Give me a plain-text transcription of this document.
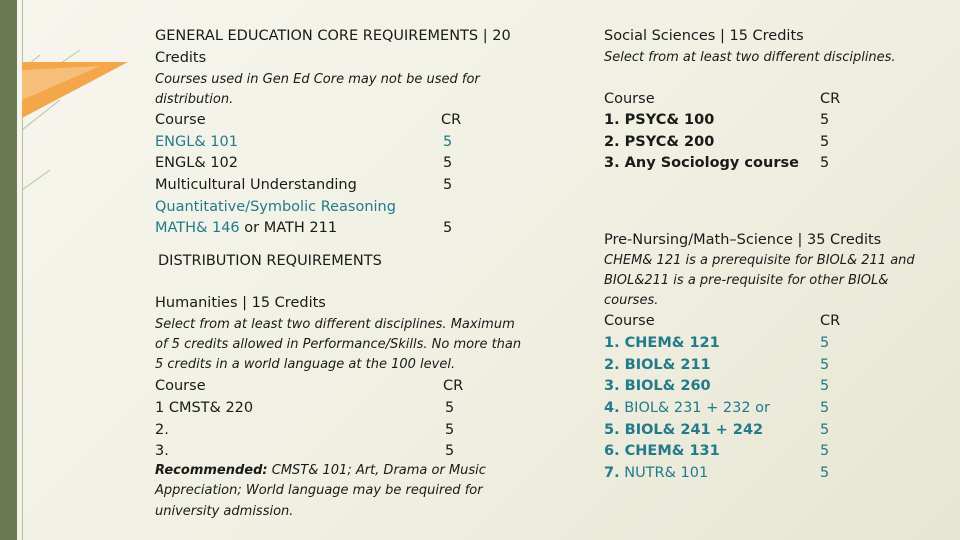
GENERAL EDUCATION CORE REQUIREMENTS | 20
Credits
Courses used in Gen Ed Core may not be used for
distribution.
Course	CR
ENGL& 101	5
ENGL& 102	5
Multicultural Understanding	5
Quantitative/Symbolic Reasoning
MATH& 146 or MATH 211	5
DISTRIBUTION REQUIREMENTS
Humanities | 15 Credits
Select from at least two different disciplines. Maximum
of 5 credits allowed in Performance/Skills. No more than
5 credits in a world language at the 100 level.
Course	CR
1 CMST& 220	5
2.	5
3.	5
Recommended: CMST& 101; Art, Drama or Music
Appreciation; World language may be required for
university admission.
Social Sciences | 15 Credits
Select from at least two different disciplines.
Course	CR
1. PSYC& 100	5
2. PSYC& 200	5
3. Any Sociology course 5
Pre-Nursing/Math–Science | 35 Credits
CHEM& 121 is a prerequisite for BIOL& 211 and
BIOL&211 is a pre-requisite for other BIOL&
courses.
Course	CR
1. CHEM& 121	5
2. BIOL& 211	5
3. BIOL& 260	5
4. BIOL& 231 + 232 or	5
5. BIOL& 241 + 242	5
6. CHEM& 131	5
7. NUTR& 101	5
